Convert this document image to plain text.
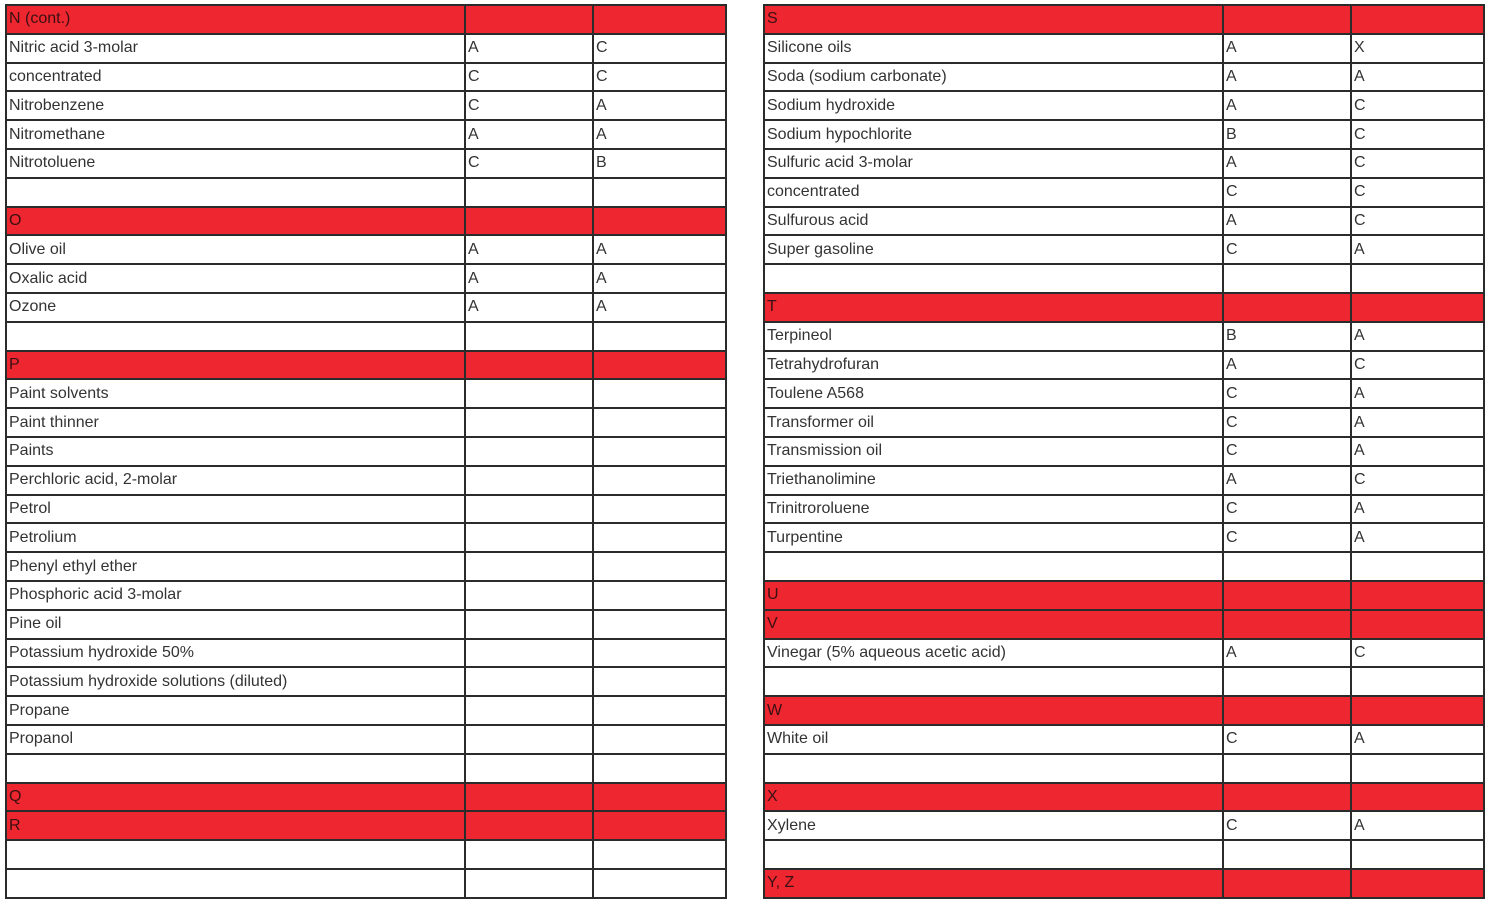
N (cont.)		
Nitric acid 3-molar	A	C
concentrated	C	C
Nitrobenzene	C	A
Nitromethane	A	A
Nitrotoluene	C	B

O		
Olive oil	A	A
Oxalic acid	A	A
Ozone	A	A

P		
Paint solvents		
Paint thinner		
Paints		
Perchloric acid, 2-molar		
Petrol		
Petrolium		
Phenyl ethyl ether		
Phosphoric acid 3-molar		
Pine oil		
Potassium hydroxide 50%		
Potassium hydroxide solutions (diluted)		
Propane		
Propanol		

Q		
R		

S		
Silicone oils	A	X
Soda (sodium carbonate)	A	A
Sodium hydroxide	A	C
Sodium hypochlorite	B	C
Sulfuric acid 3-molar	A	C
concentrated	C	C
Sulfurous acid	A	C
Super gasoline	C	A

T		
Terpineol	B	A
Tetrahydrofuran	A	C
Toulene A568	C	A
Transformer oil	C	A
Transmission oil	C	A
Triethanolimine	A	C
Trinitroroluene	C	A
Turpentine	C	A

U		
V		
Vinegar (5% aqueous acetic acid)	A	C

W		
White oil	C	A

X		
Xylene	C	A

Y, Z		
